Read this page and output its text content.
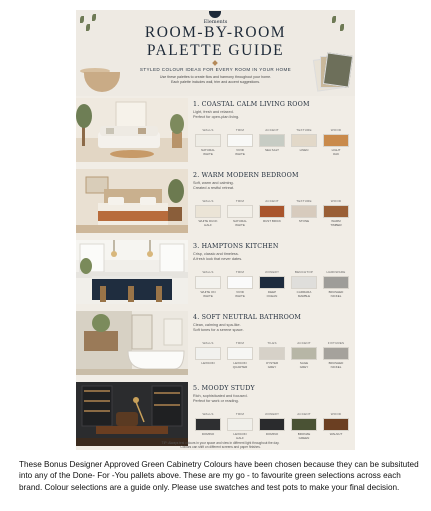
Elements
ROOM-BY-ROOM
PALETTE GUIDE
STYLED COLOUR IDEAS FOR EVERY ROOM IN YOUR HOME
Use these palettes to create flow and harmony throughout your home.
Each palette includes wall, trim and accent suggestions.
1. COASTAL CALM LIVING ROOM
Light, fresh and relaxed.
Perfect for open-plan living.
WALLS
NATURAL
WHITE
TRIM
VIVID
WHITE
ACCENT
SEA SALT
TEXTURE
LINEN
WOOD
LIGHT
OAK
2. WARM MODERN BEDROOM
Soft, warm and calming.
Created a restful retreat.
WALLS
WHITE DUCK
HALF
TRIM
NATURAL
WHITE
ACCENT
RUST BRICK
TEXTURE
STONE
WOOD
WARM
TIMBER
3. HAMPTONS KITCHEN
Crisp, classic and timeless.
A fresh look that never dates.
WALLS
WHITE ON
WHITE
TRIM
VIVID
WHITE
JOINERY
DEEP
OCEAN
BENCHTOP
CARRARA
MARBLE
HARDWARE
BRUSHED
NICKEL
4. SOFT NEUTRAL BATHROOM
Clean, calming and spa-like.
Soft tones for a serene space.
WALLS
LEXICON
TRIM
LEXICON
QUARTER
TILES
OYSTER
GREY
ACCENT
SAGE
GREY
FIXTURES
BRUSHED
NICKEL
5. MOODY STUDY
Rich, sophisticated and focused.
Perfect for work or reading.
WALLS
DOMINO
TRIM
LEXICON
HALF
JOINERY
DOMINO
ACCENT
BRONZE
GREEN
WOOD
WALNUT
TIP: Always test colours in your space and view in different light throughout the day.
Colours can shift on different screens and paper finishes.
These Bonus Designer Approved Green Cabinetry Colours have been chosen because they can be subsituted into any of the Done- For -You pallets above. These are my go - to favourite green selections across each brand. Colour selections are a guide only. Please use swatches and test pots to make your final decision.
